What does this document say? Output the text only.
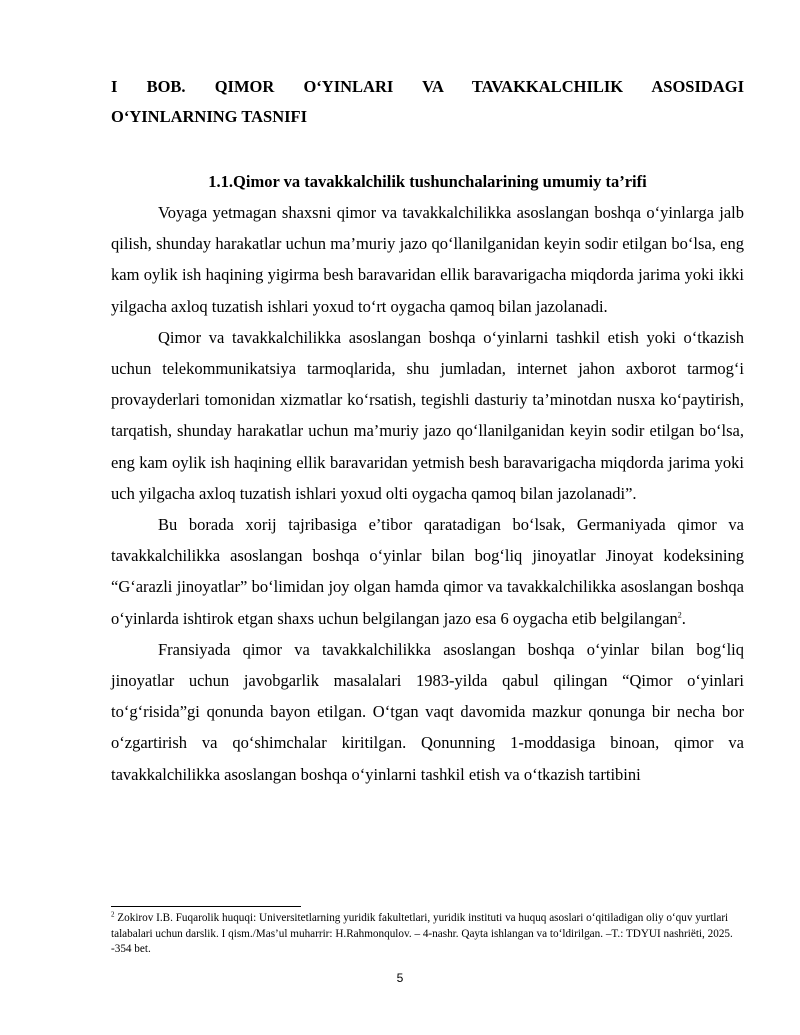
I BOB. QIMOR O‘YINLARI VA TAVAKKALCHILIK ASOSIDAGI
O‘YINLARNING TASNIFI
1.1.Qimor va tavakkalchilik tushunchalarining umumiy ta’rifi

Voyaga yetmagan shaxsni qimor va tavakkalchilikka asoslangan boshqa o‘yinlarga jalb qilish, shunday harakatlar uchun ma’muriy jazo qo‘llanilganidan keyin sodir etilgan bo‘lsa, eng kam oylik ish haqining yigirma besh baravaridan ellik baravarigacha miqdorda jarima yoki ikki yilgacha axloq tuzatish ishlari yoxud to‘rt oygacha qamoq bilan jazolanadi.

Qimor va tavakkalchilikka asoslangan boshqa o‘yinlarni tashkil etish yoki o‘tkazish uchun telekommunikatsiya tarmoqlarida, shu jumladan, internet jahon axborot tarmog‘i provayderlari tomonidan xizmatlar ko‘rsatish, tegishli dasturiy ta’minotdan nusxa ko‘paytirish, tarqatish, shunday harakatlar uchun ma’muriy jazo qo‘llanilganidan keyin sodir etilgan bo‘lsa, eng kam oylik ish haqining ellik baravaridan yetmish besh baravarigacha miqdorda jarima yoki uch yilgacha axloq tuzatish ishlari yoxud olti oygacha qamoq bilan jazolanadi”.

Bu borada xorij tajribasiga e’tibor qaratadigan bo‘lsak, Germaniyada qimor va tavakkalchilikka asoslangan boshqa o‘yinlar bilan bog‘liq jinoyatlar Jinoyat kodeksining “G‘arazli jinoyatlar” bo‘limidan joy olgan hamda qimor va tavakkalchilikka asoslangan boshqa o‘yinlarda ishtirok etgan shaxs uchun belgilangan jazo esa 6 oygacha etib belgilangan$^2$.

Fransiyada qimor va tavakkalchilikka asoslangan boshqa o‘yinlar bilan bog‘liq jinoyatlar uchun javobgarlik masalalari 1983-yilda qabul qilingan “Qimor o‘yinlari to‘g‘risida”gi qonunda bayon etilgan. O‘tgan vaqt davomida mazkur qonunga bir necha bor o‘zgartirish va qo‘shimchalar kiritilgan. Qonunning 1-moddasiga binoan, qimor va tavakkalchilikka asoslangan boshqa o‘yinlarni tashkil etish va o‘tkazish tartibini

$^2$ Zokirov I.B. Fuqarolik huquqi: Universitetlarning yuridik fakultetlari, yuridik instituti va huquq asoslari o‘qitiladigan oliy o‘quv yurtlari talabalari uchun darslik. I qism./Mas’ul muharrir: H.Rahmonqulov. – 4-nashr. Qayta ishlangan va to‘ldirilgan. –T.: TDYUI nashriëti, 2025. -354 bet.

5
